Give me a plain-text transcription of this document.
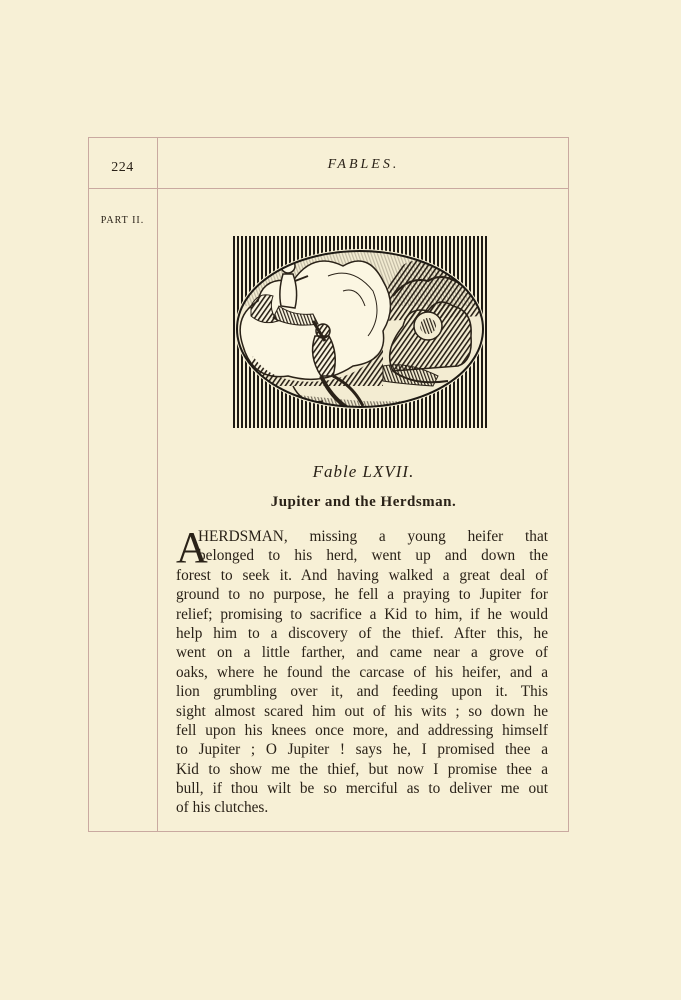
224	FABLES.
PART II.
Fable LXVII.
Jupiter and the Herdsman.
A
HERDSMAN, missing a young heifer that
belonged to his herd, went up and down the
forest to seek it. And having walked a great deal of
ground to no purpose, he fell a praying to Jupiter for
relief; promising to sacrifice a Kid to him, if he would
help him to a discovery of the thief. After this, he
went on a little farther, and came near a grove of
oaks, where he found the carcase of his heifer, and a
lion grumbling over it, and feeding upon it. This
sight almost scared him out of his wits ; so down he
fell upon his knees once more, and addressing himself
to Jupiter ; O Jupiter ! says he, I promised thee a
Kid to show me the thief, but now I promise thee a
bull, if thou wilt be so merciful as to deliver me out
of his clutches.
